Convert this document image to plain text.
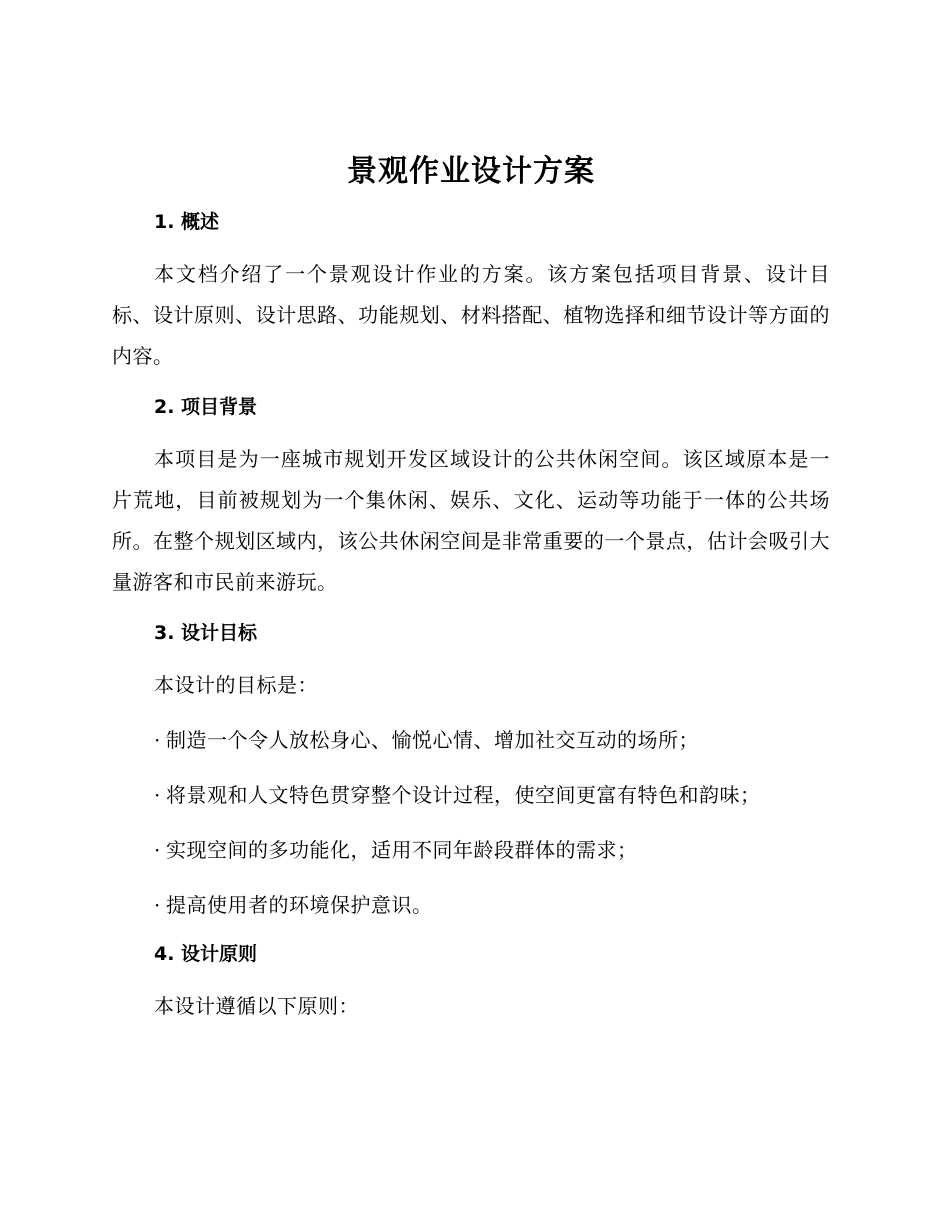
景观作业设计方案
1. 概述

本文档介绍了一个景观设计作业的方案。该方案包括项目背景、设计目标、设计原则、设计思路、功能规划、材料搭配、植物选择和细节设计等方面的内容。

2. 项目背景

本项目是为一座城市规划开发区域设计的公共休闲空间。该区域原本是一片荒地，目前被规划为一个集休闲、娱乐、文化、运动等功能于一体的公共场所。在整个规划区域内，该公共休闲空间是非常重要的一个景点，估计会吸引大量游客和市民前来游玩。

3. 设计目标

本设计的目标是：

· 制造一个令人放松身心、愉悦心情、增加社交互动的场所；
· 将景观和人文特色贯穿整个设计过程，使空间更富有特色和韵味；
· 实现空间的多功能化，适用不同年龄段群体的需求；
· 提高使用者的环境保护意识。
4. 设计原则

本设计遵循以下原则：
